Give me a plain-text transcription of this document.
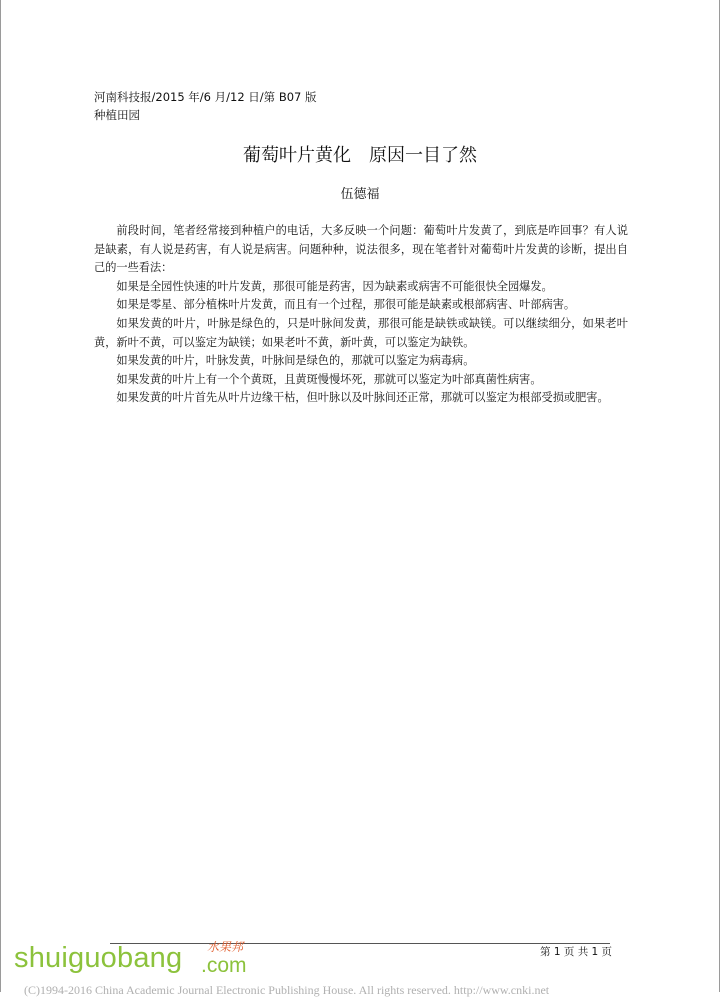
河南科技报/2015 年/6 月/12 日/第 B07 版
种植田园
葡萄叶片黄化　原因一目了然
伍德福

前段时间，笔者经常接到种植户的电话，大多反映一个问题：葡萄叶片发黄了，到底是咋回事？有人说是缺素，有人说是药害，有人说是病害。问题种种，说法很多，现在笔者针对葡萄叶片发黄的诊断，提出自己的一些看法：

如果是全园性快速的叶片发黄，那很可能是药害，因为缺素或病害不可能很快全园爆发。

如果是零星、部分植株叶片发黄，而且有一个过程，那很可能是缺素或根部病害、叶部病害。

如果发黄的叶片，叶脉是绿色的，只是叶脉间发黄，那很可能是缺铁或缺镁。可以继续细分，如果老叶黄，新叶不黄，可以鉴定为缺镁；如果老叶不黄，新叶黄，可以鉴定为缺铁。

如果发黄的叶片，叶脉发黄，叶脉间是绿色的，那就可以鉴定为病毒病。

如果发黄的叶片上有一个个黄斑，且黄斑慢慢坏死，那就可以鉴定为叶部真菌性病害。

如果发黄的叶片首先从叶片边缘干枯，但叶脉以及叶脉间还正常，那就可以鉴定为根部受损或肥害。

第 1 页 共 1 页
shuiguobang 水果邦
.com
(C)1994-2016 China Academic Journal Electronic Publishing House. All rights reserved. http://www.cnki.net
